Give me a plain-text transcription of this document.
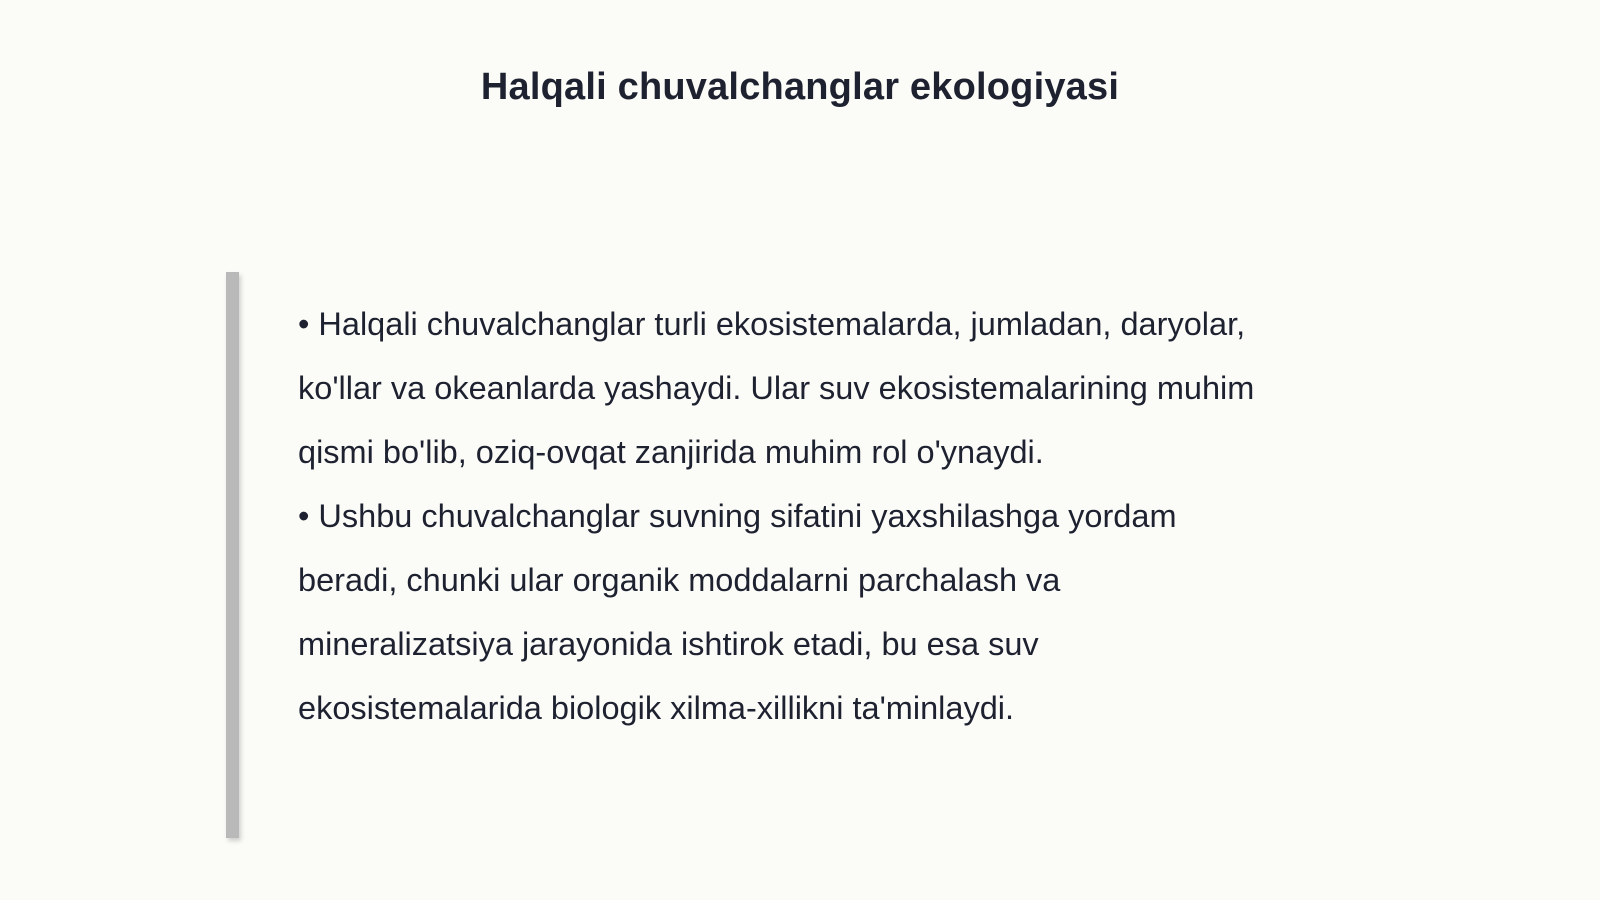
Halqali chuvalchanglar ekologiyasi

• Halqali chuvalchanglar turli ekosistemalarda, jumladan, daryolar, ko'llar va okeanlarda yashaydi. Ular suv ekosistemalarining muhim qismi bo'lib, oziq-ovqat zanjirida muhim rol o'ynaydi.

• Ushbu chuvalchanglar suvning sifatini yaxshilashga yordam beradi, chunki ular organik moddalarni parchalash va mineralizatsiya jarayonida ishtirok etadi, bu esa suv ekosistemalarida biologik xilma-xillikni ta'minlaydi.
